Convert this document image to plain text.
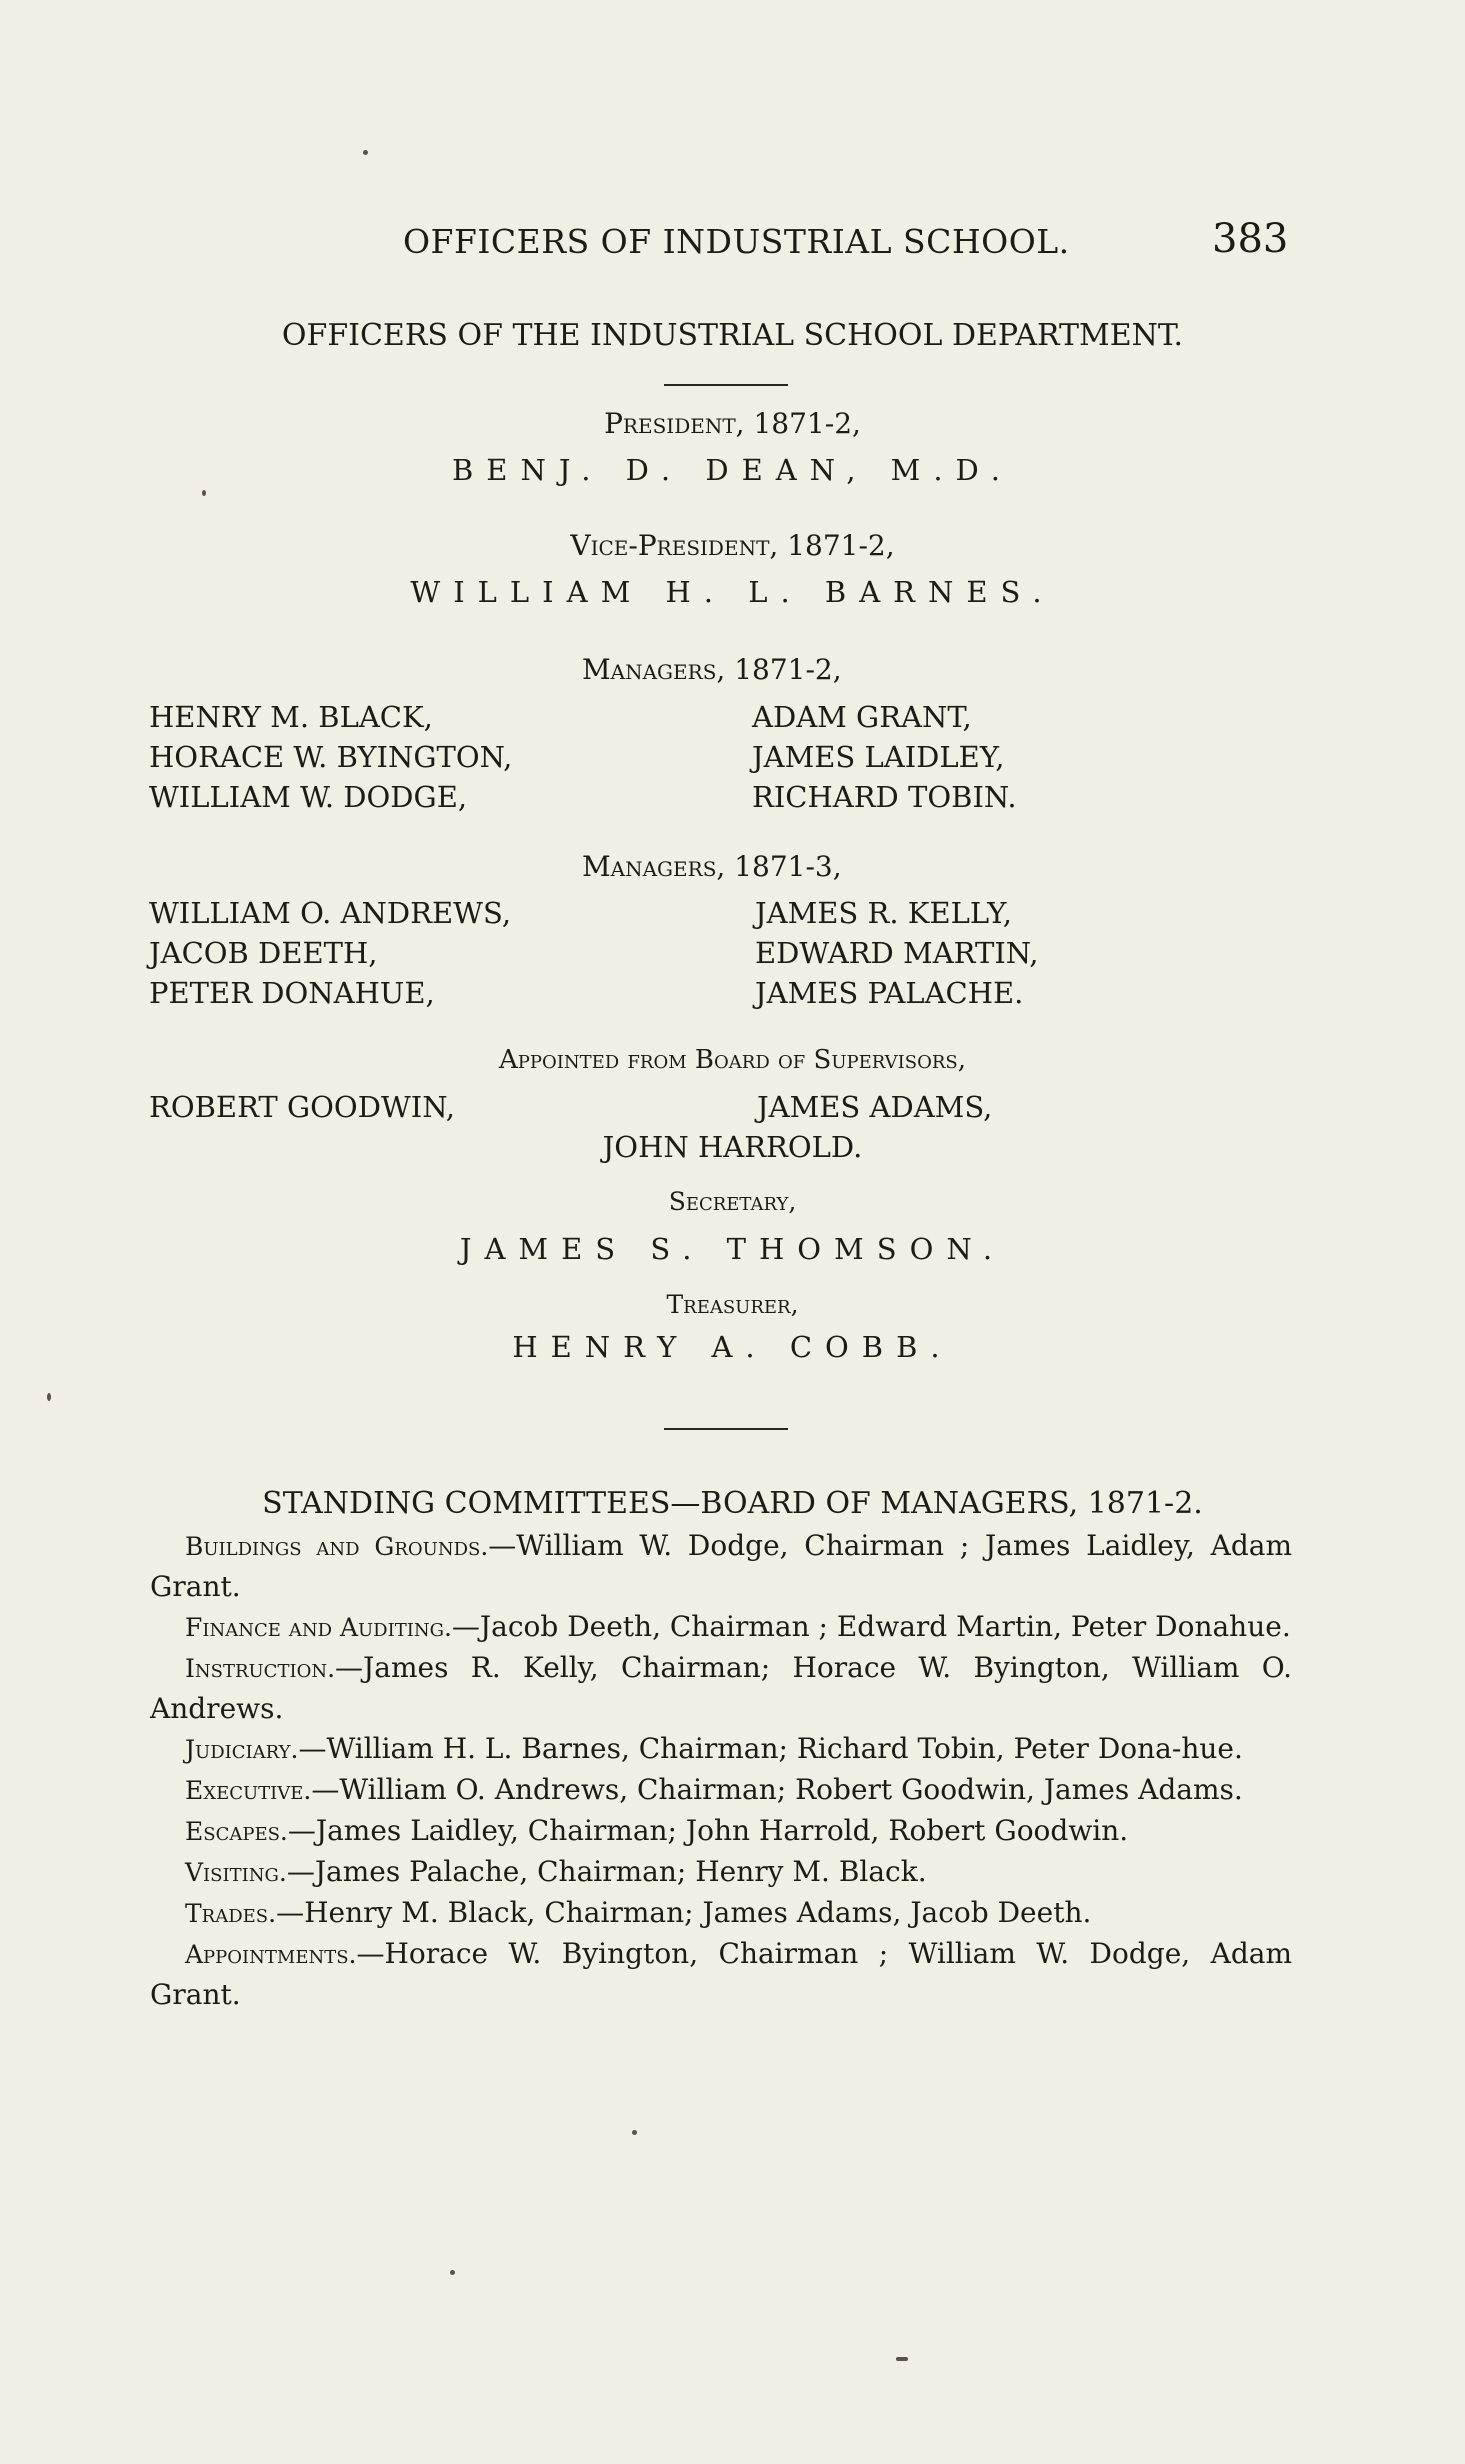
OFFICERS OF INDUSTRIAL SCHOOL.	383
OFFICERS OF THE INDUSTRIAL SCHOOL DEPARTMENT.
President, 1871-2,
BENJ. D. DEAN, M.D.
Vice-President, 1871-2,
WILLIAM H. L. BARNES.
Managers, 1871-2,
HENRY M. BLACK,
HORACE W. BYINGTON,
WILLIAM W. DODGE,
ADAM GRANT,
JAMES LAIDLEY,
RICHARD TOBIN.
Managers, 1871-3,
WILLIAM O. ANDREWS,
JACOB DEETH,
PETER DONAHUE,
JAMES R. KELLY,
EDWARD MARTIN,
JAMES PALACHE.
Appointed from Board of Supervisors,
ROBERT GOODWIN,	JAMES ADAMS,
JOHN HARROLD.
Secretary,
JAMES S. THOMSON.
Treasurer,
HENRY A. COBB.
STANDING COMMITTEES—BOARD OF MANAGERS, 1871-2.

Buildings and Grounds.—William W. Dodge, Chairman ; James Laidley, Adam Grant.

Finance and Auditing.—Jacob Deeth, Chairman ; Edward Martin, Peter Donahue.

Instruction.—James R. Kelly, Chairman; Horace W. Byington, William O. Andrews.

Judiciary.—William H. L. Barnes, Chairman; Richard Tobin, Peter Dona-hue.

Executive.—William O. Andrews, Chairman; Robert Goodwin, James Adams.

Escapes.—James Laidley, Chairman; John Harrold, Robert Goodwin.

Visiting.—James Palache, Chairman; Henry M. Black.

Trades.—Henry M. Black, Chairman; James Adams, Jacob Deeth.

Appointments.—Horace W. Byington, Chairman ; William W. Dodge, Adam Grant.
